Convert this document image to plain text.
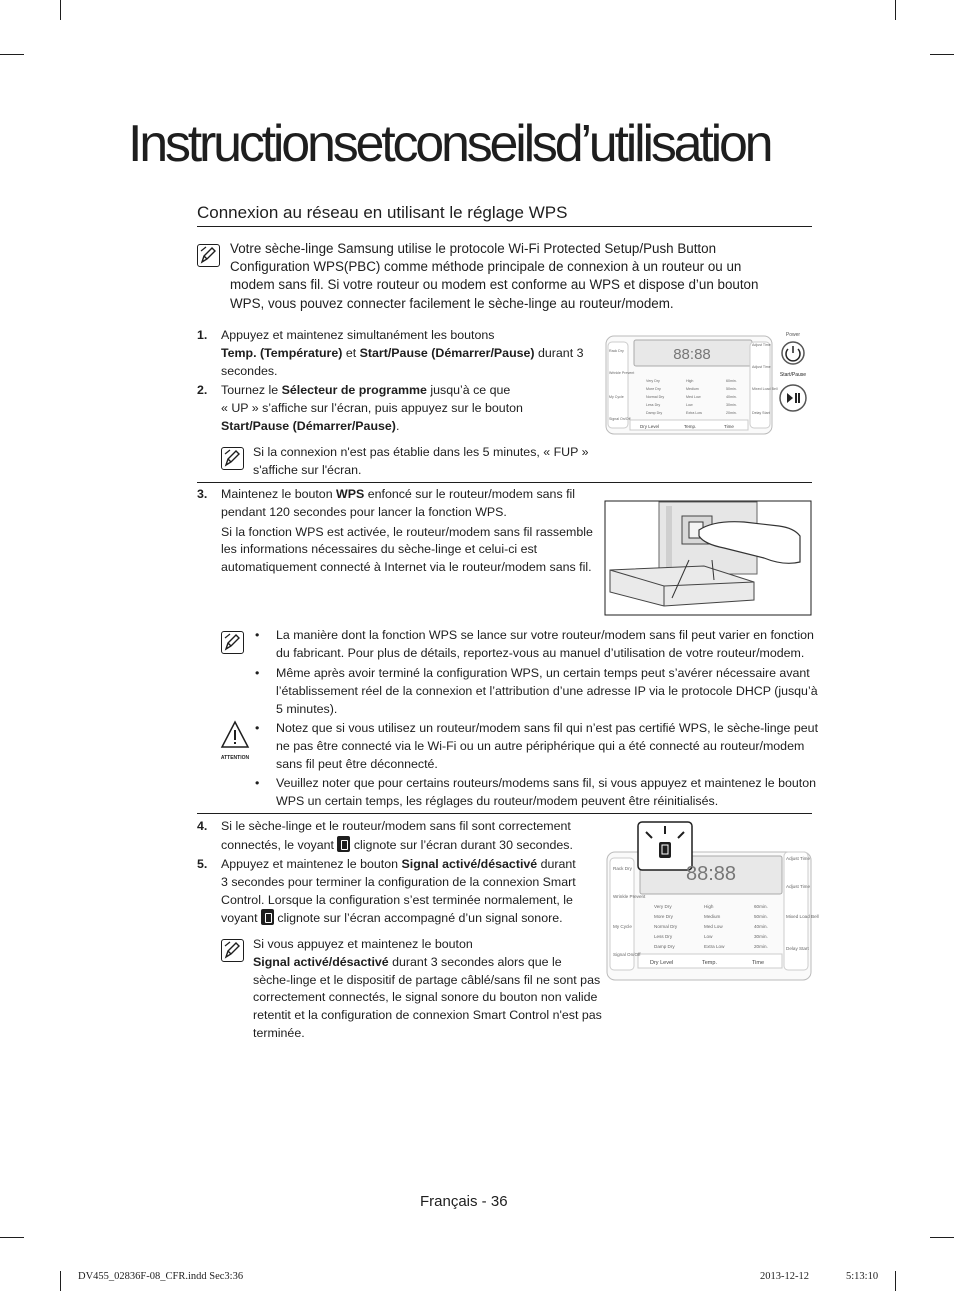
Instructionsetconseilsd’utilisation
Connexion au réseau en utilisant le réglage WPS
Votre sèche-linge Samsung utilise le protocole Wi-Fi Protected Setup/Push Button
Configuration WPS(PBC) comme méthode principale de connexion à un routeur ou un
modem sans fil. Si votre routeur ou modem est conforme au WPS et dispose d’un bouton
WPS, vous pouvez connecter facilement le sèche-linge au routeur/modem.
1. Appuyez et maintenez simultanément les boutons
Temp. (Température) et Start/Pause (Démarrer/Pause) durant 3
secondes.
2. Tournez le Sélecteur de programme jusqu’à ce que
« UP » s’affiche sur l’écran, puis appuyez sur le bouton
Start/Pause (Démarrer/Pause).
Si la connexion n'est pas établie dans les 5 minutes, « FUP »
s'affiche sur l'écran.
Power
Start/Pause
88:88
Rack Dry
Wrinkle Prevent
My Cycle
Signal On/Off
Adjust Time
Adjust Time
Mixed Load Bell
Delay Start
Very Dry
More Dry
Normal Dry
Less Dry
Damp Dry
High
Medium
Med Low
Low
Extra Low
60min.
50min.
40min.
30min.
20min.
Dry Level	Temp.	Time
3. Maintenez le bouton WPS enfoncé sur le routeur/modem sans fil
pendant 120 secondes pour lancer la fonction WPS.
Si la fonction WPS est activée, le routeur/modem sans fil rassemble
les informations nécessaires du sèche-linge et celui-ci est
automatiquement connecté à Internet via le routeur/modem sans fil.
ATTENTION
• La manière dont la fonction WPS se lance sur votre routeur/modem sans fil peut varier en fonction
du fabricant. Pour plus de détails, reportez-vous au manuel d’utilisation de votre routeur/modem.
• Même après avoir terminé la configuration WPS, un certain temps peut s’avérer nécessaire avant
l’établissement réel de la connexion et l’attribution d’une adresse IP via le protocole DHCP (jusqu’à
5 minutes).
• Notez que si vous utilisez un routeur/modem sans fil qui n’est pas certifié WPS, le sèche-linge peut
ne pas être connecté via le Wi-Fi ou un autre périphérique qui a été connecté au routeur/modem
sans fil peut être déconnecté.
• Veuillez noter que pour certains routeurs/modems sans fil, si vous appuyez et maintenez le bouton
WPS un certain temps, les réglages du routeur/modem peuvent être réinitialisés.
4. Si le sèche-linge et le routeur/modem sans fil sont correctement
connectés, le voyant  clignote sur l’écran durant 30 secondes.
5. Appuyez et maintenez le bouton Signal activé/désactivé durant
3 secondes pour terminer la configuration de la connexion Smart
Control. Lorsque la configuration s’est terminée normalement, le
voyant  clignote sur l’écran accompagné d’un signal sonore.
Si vous appuyez et maintenez le bouton
Signal activé/désactivé durant 3 secondes alors que le
sèche-linge et le dispositif de partage câblé/sans fil ne sont pas
correctement connectés, le signal sonore du bouton non valide
retentit et la configuration de connexion Smart Control n'est pas
terminée.
88:88
Rack Dry
Wrinkle Prevent
My Cycle
Signal On/Off
Adjust Time
Adjust Time
Mixed Load Bell
Delay Start
Very Dry
More Dry
Normal Dry
Less Dry
Damp Dry
High
Medium
Med Low
Low
Extra Low
60min.
50min.
40min.
30min.
20min.
Dry Level	Temp.	Time
Français - 36
DV455_02836F-08_CFR.indd Sec3:36	2013-12-12	5:13:10
